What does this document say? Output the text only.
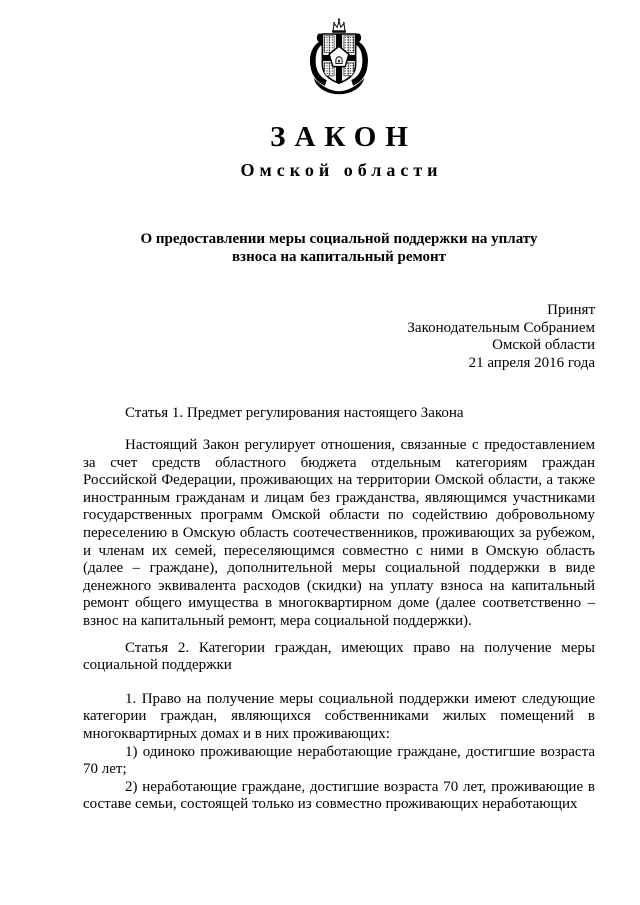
ЗАКОН
Омской области
О предоставлении меры социальной поддержки на уплату
взноса на капитальный ремонт
Принят
Законодательным Собранием
Омской области
21 апреля 2016 года

Статья 1. Предмет регулирования настоящего Закона

Настоящий Закон регулирует отношения, связанные с предоставлением за счет средств областного бюджета отдельным категориям граждан Российской Федерации, проживающих на территории Омской области, а также иностранным гражданам и лицам без гражданства, являющимся участниками государственных программ Омской области по содействию добровольному переселению в Омскую область соотечественников, проживающих за рубежом, и членам их семей, переселяющимся совместно с ними в Омскую область (далее – граждане), дополнительной меры социальной поддержки в виде денежного эквивалента расходов (скидки) на уплату взноса на капитальный ремонт общего имущества в многоквартирном доме (далее соответственно – взнос на капитальный ремонт, мера социальной поддержки).

Статья 2. Категории граждан, имеющих право на получение меры социальной поддержки

1. Право на получение меры социальной поддержки имеют следующие категории граждан, являющихся собственниками жилых помещений в многоквартирных домах и в них проживающих:

1) одиноко проживающие неработающие граждане, достигшие возраста 70 лет;

2) неработающие граждане, достигшие возраста 70 лет, проживающие в составе семьи, состоящей только из совместно проживающих неработающих
